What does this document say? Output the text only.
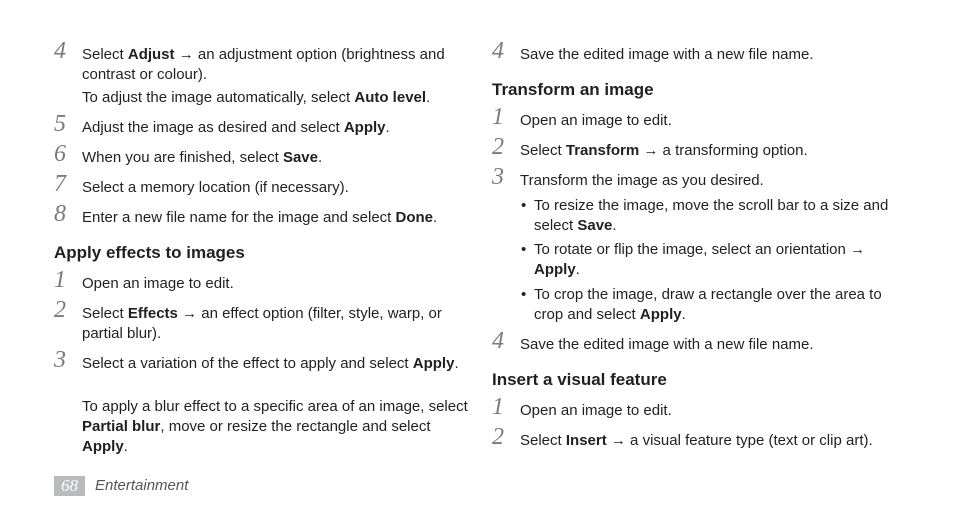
4 Select Adjust → an adjustment option (brightness and contrast or colour).
To adjust the image automatically, select Auto level.
5 Adjust the image as desired and select Apply.
6 When you are finished, select Save.
7 Select a memory location (if necessary).
8 Enter a new file name for the image and select Done.
Apply effects to images
1 Open an image to edit.
2 Select Effects → an effect option (filter, style, warp, or partial blur).
3 Select a variation of the effect to apply and select Apply.
To apply a blur effect to a specific area of an image, select Partial blur, move or resize the rectangle and select Apply.
4 Save the edited image with a new file name.
Transform an image
1 Open an image to edit.
2 Select Transform → a transforming option.
3 Transform the image as you desired.
• To resize the image, move the scroll bar to a size and select Save.
• To rotate or flip the image, select an orientation → Apply.
• To crop the image, draw a rectangle over the area to crop and select Apply.
4 Save the edited image with a new file name.
Insert a visual feature
1 Open an image to edit.
2 Select Insert → a visual feature type (text or clip art).
68	Entertainment
